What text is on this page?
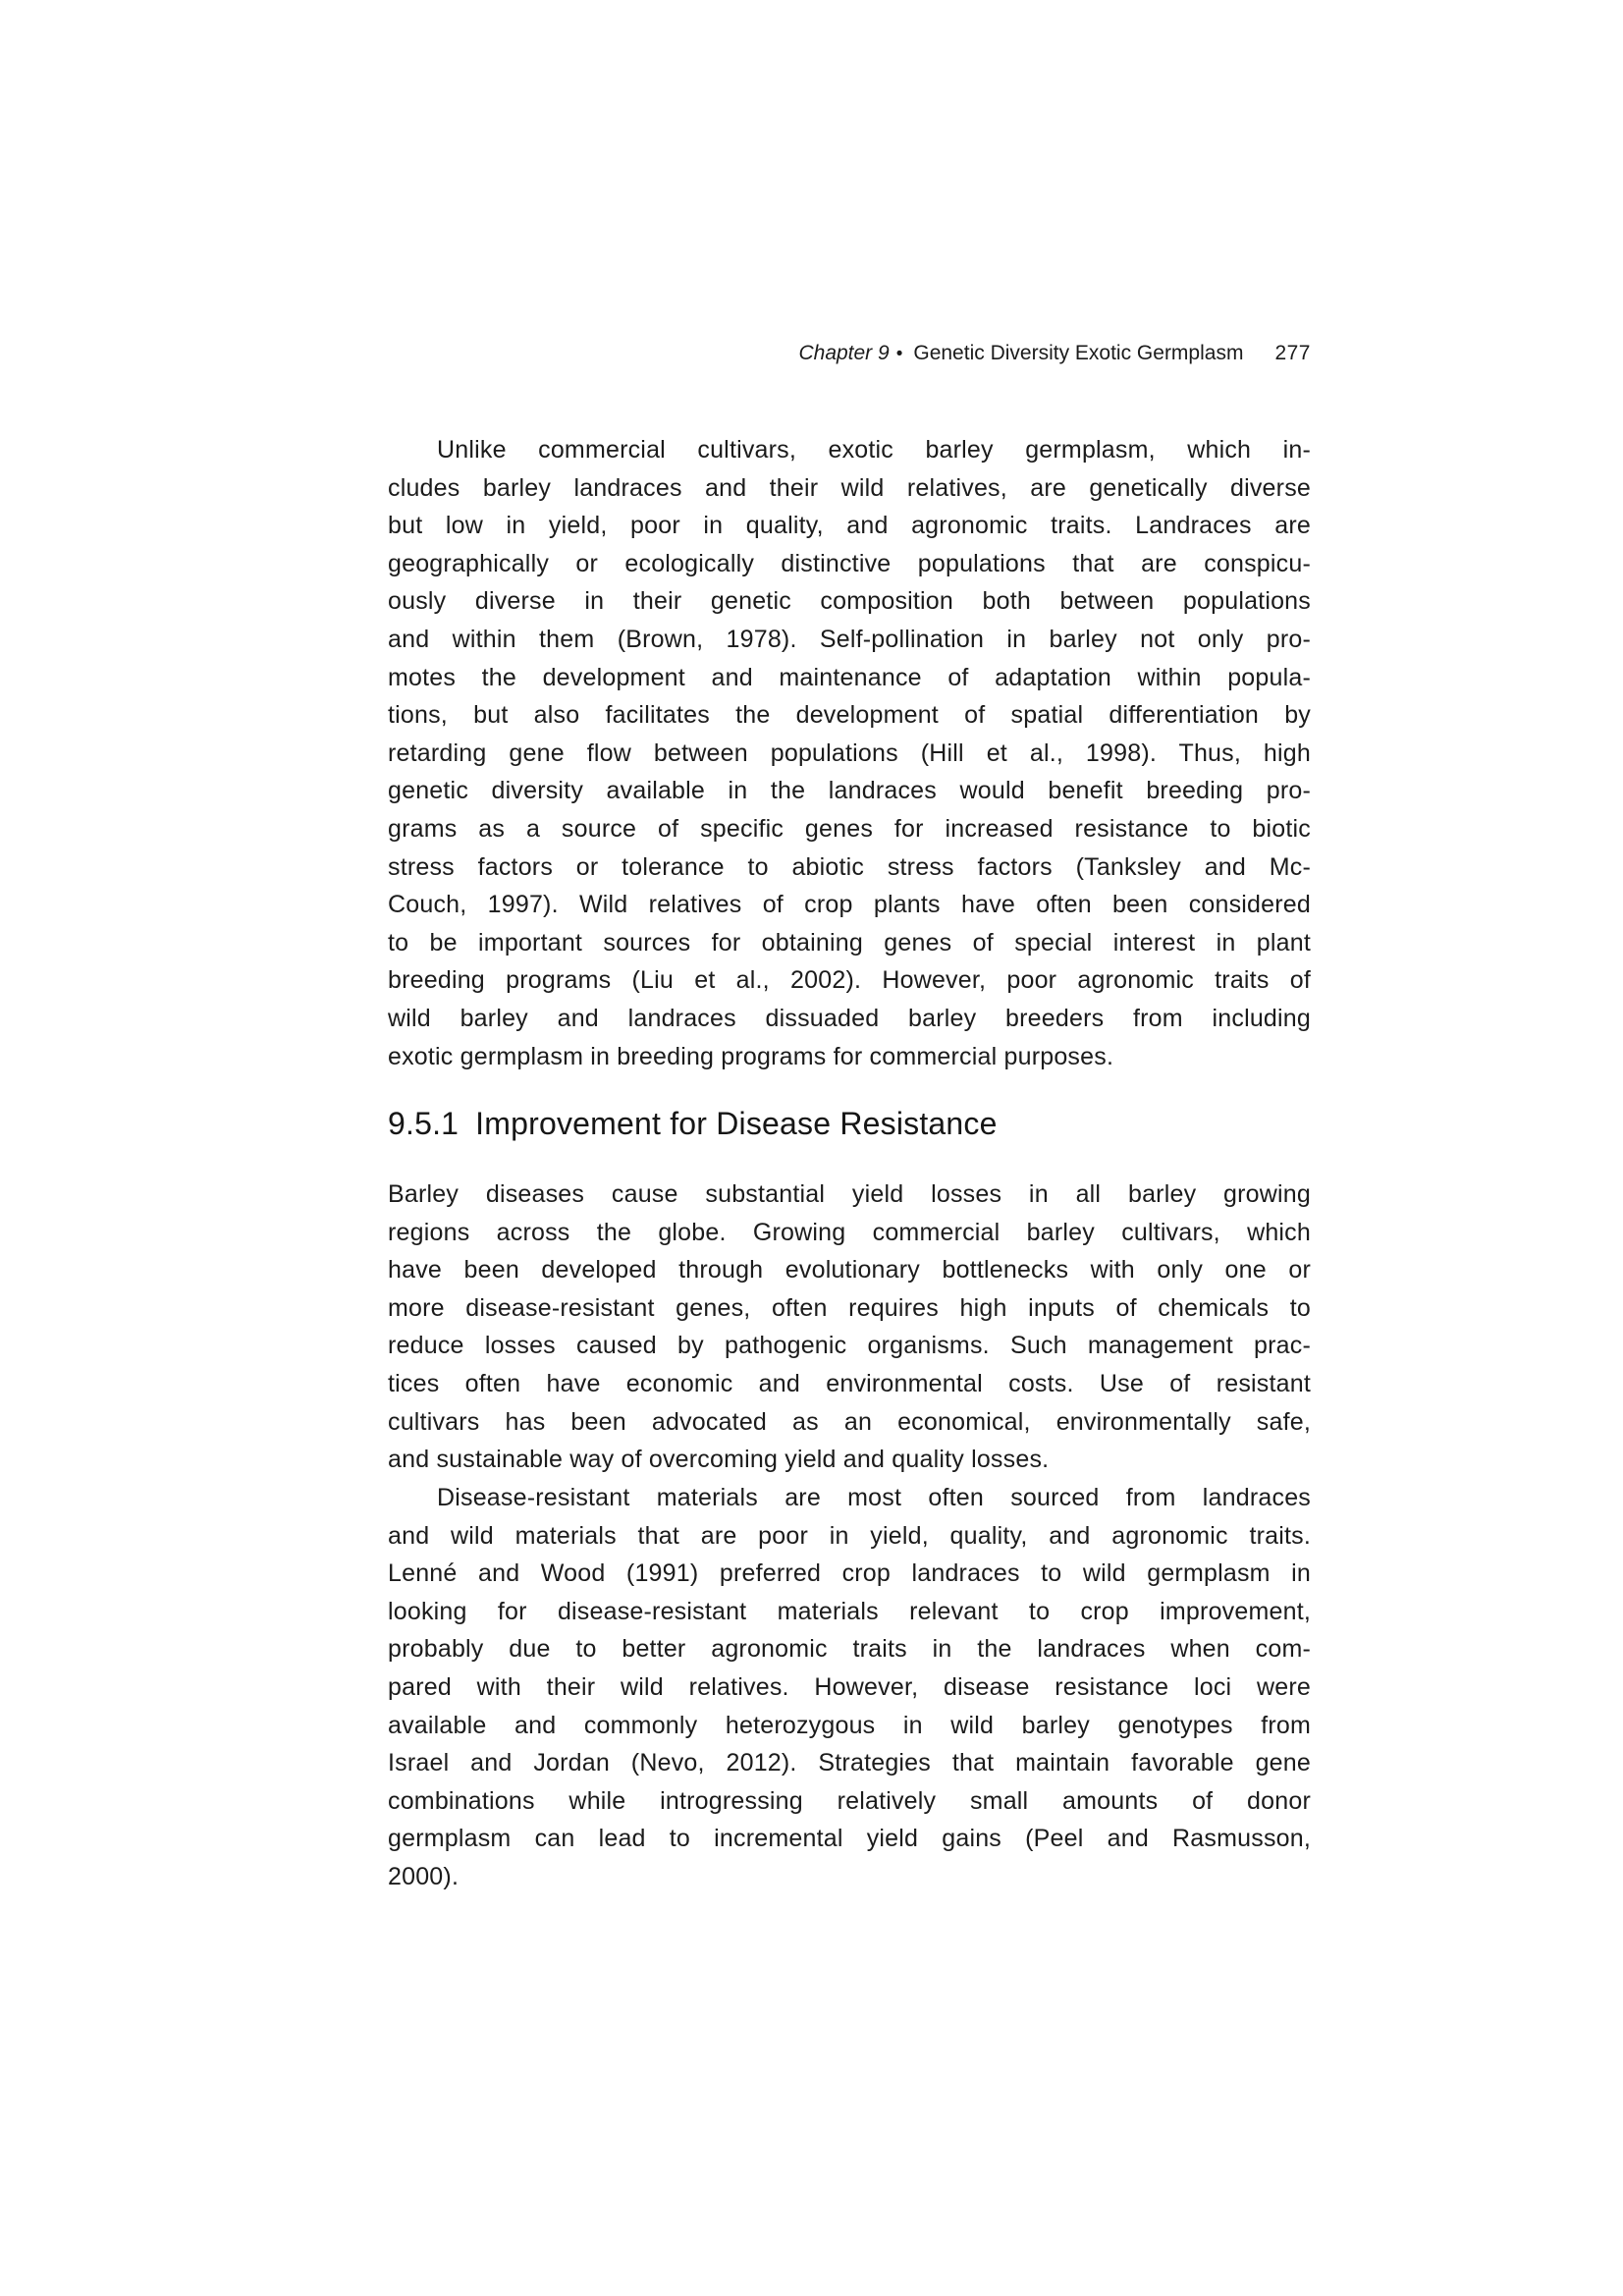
Chapter 9 • Genetic Diversity Exotic Germplasm 277
Unlike commercial cultivars, exotic barley germplasm, which in-
cludes barley landraces and their wild relatives, are genetically diverse
but low in yield, poor in quality, and agronomic traits. Landraces are
geographically or ecologically distinctive populations that are conspicu-
ously diverse in their genetic composition both between populations
and within them (Brown, 1978). Self-pollination in barley not only pro-
motes the development and maintenance of adaptation within popula-
tions, but also facilitates the development of spatial differentiation by
retarding gene flow between populations (Hill et al., 1998). Thus, high
genetic diversity available in the landraces would benefit breeding pro-
grams as a source of specific genes for increased resistance to biotic
stress factors or tolerance to abiotic stress factors (Tanksley and Mc-
Couch, 1997). Wild relatives of crop plants have often been considered
to be important sources for obtaining genes of special interest in plant
breeding programs (Liu et al., 2002). However, poor agronomic traits of
wild barley and landraces dissuaded barley breeders from including
exotic germplasm in breeding programs for commercial purposes.
9.5.1 Improvement for Disease Resistance
Barley diseases cause substantial yield losses in all barley growing
regions across the globe. Growing commercial barley cultivars, which
have been developed through evolutionary bottlenecks with only one or
more disease-resistant genes, often requires high inputs of chemicals to
reduce losses caused by pathogenic organisms. Such management prac-
tices often have economic and environmental costs. Use of resistant
cultivars has been advocated as an economical, environmentally safe,
and sustainable way of overcoming yield and quality losses.
Disease-resistant materials are most often sourced from landraces
and wild materials that are poor in yield, quality, and agronomic traits.
Lenné and Wood (1991) preferred crop landraces to wild germplasm in
looking for disease-resistant materials relevant to crop improvement,
probably due to better agronomic traits in the landraces when com-
pared with their wild relatives. However, disease resistance loci were
available and commonly heterozygous in wild barley genotypes from
Israel and Jordan (Nevo, 2012). Strategies that maintain favorable gene
combinations while introgressing relatively small amounts of donor
germplasm can lead to incremental yield gains (Peel and Rasmusson,
2000).
